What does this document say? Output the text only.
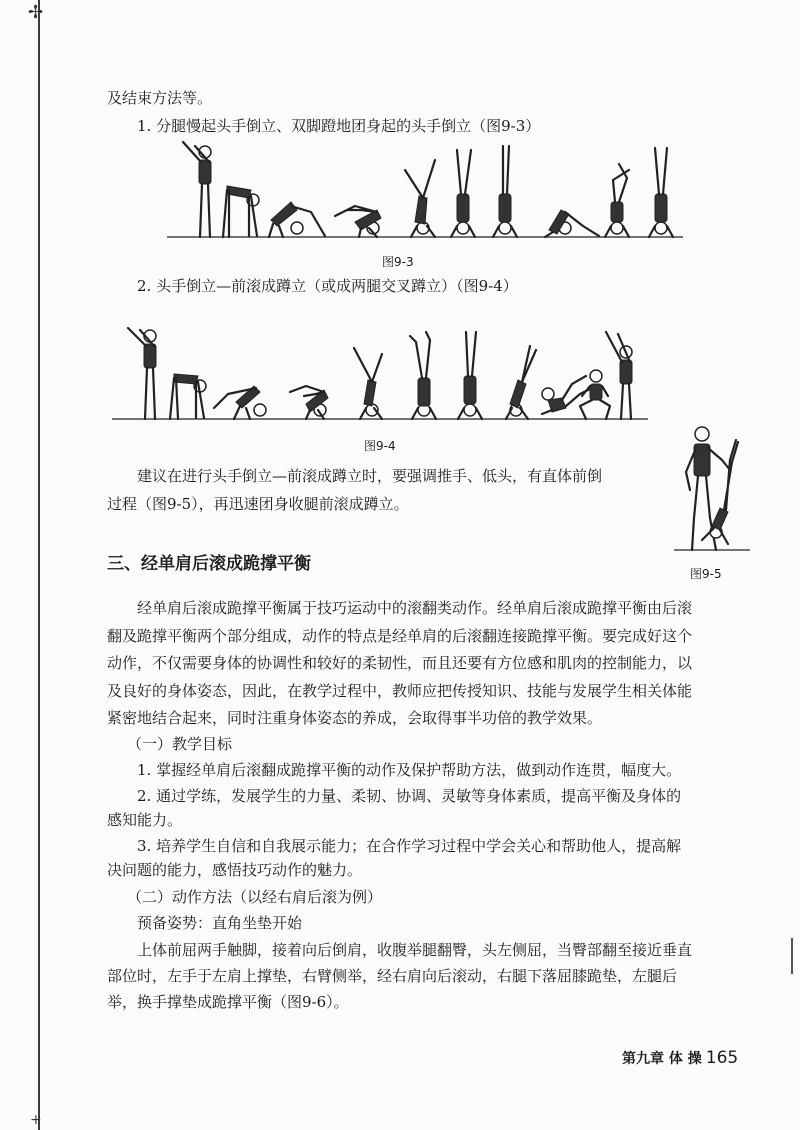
✢
+
及结束方法等。
1. 分腿慢起头手倒立、双脚蹬地团身起的头手倒立（图9-3）
图9-3
2. 头手倒立—前滚成蹲立（或成两腿交叉蹲立）（图9-4）
图9-4
图9-5
建议在进行头手倒立—前滚成蹲立时，要强调推手、低头，有直体前倒
过程（图9-5），再迅速团身收腿前滚成蹲立。
三、经单肩后滚成跪撑平衡
经单肩后滚成跪撑平衡属于技巧运动中的滚翻类动作。经单肩后滚成跪撑平衡由后滚
翻及跪撑平衡两个部分组成，动作的特点是经单肩的后滚翻连接跪撑平衡。要完成好这个
动作，不仅需要身体的协调性和较好的柔韧性，而且还要有方位感和肌肉的控制能力，以
及良好的身体姿态，因此，在教学过程中，教师应把传授知识、技能与发展学生相关体能
紧密地结合起来，同时注重身体姿态的养成，会取得事半功倍的教学效果。
（一）教学目标
1. 掌握经单肩后滚翻成跪撑平衡的动作及保护帮助方法，做到动作连贯，幅度大。
2. 通过学练，发展学生的力量、柔韧、协调、灵敏等身体素质，提高平衡及身体的
感知能力。
3. 培养学生自信和自我展示能力；在合作学习过程中学会关心和帮助他人，提高解
决问题的能力，感悟技巧动作的魅力。
（二）动作方法（以经右肩后滚为例）
预备姿势：直角坐垫开始
上体前屈两手触脚，接着向后倒肩，收腹举腿翻臀，头左侧屈，当臀部翻至接近垂直
部位时，左手于左肩上撑垫，右臂侧举，经右肩向后滚动，右腿下落屈膝跪垫，左腿后
举，换手撑垫成跪撑平衡（图9-6）。
第九章 体 操 165
